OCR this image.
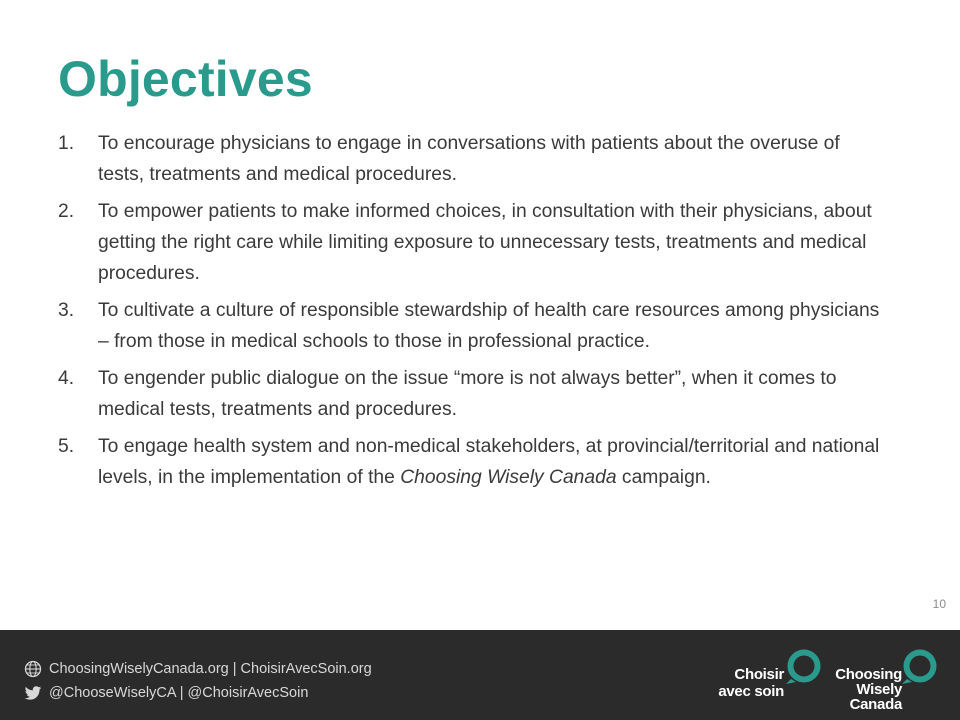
Objectives
1. To encourage physicians to engage in conversations with patients about the overuse of tests, treatments and medical procedures.
2. To empower patients to make informed choices, in consultation with their physicians, about getting the right care while limiting exposure to unnecessary tests, treatments and medical procedures.
3. To cultivate a culture of responsible stewardship of health care resources among physicians – from those in medical schools to those in professional practice.
4. To engender public dialogue on the issue “more is not always better”, when it comes to medical tests, treatments and procedures.
5. To engage health system and non-medical stakeholders, at provincial/territorial and national levels, in the implementation of the Choosing Wisely Canada campaign.
10
ChoosingWiselyCanada.org | ChoisirAvecSoin.org
@ChooseWiselyCA | @ChoisirAvecSoin
Choisir
avec soin
Choosing
Wisely
Canada
